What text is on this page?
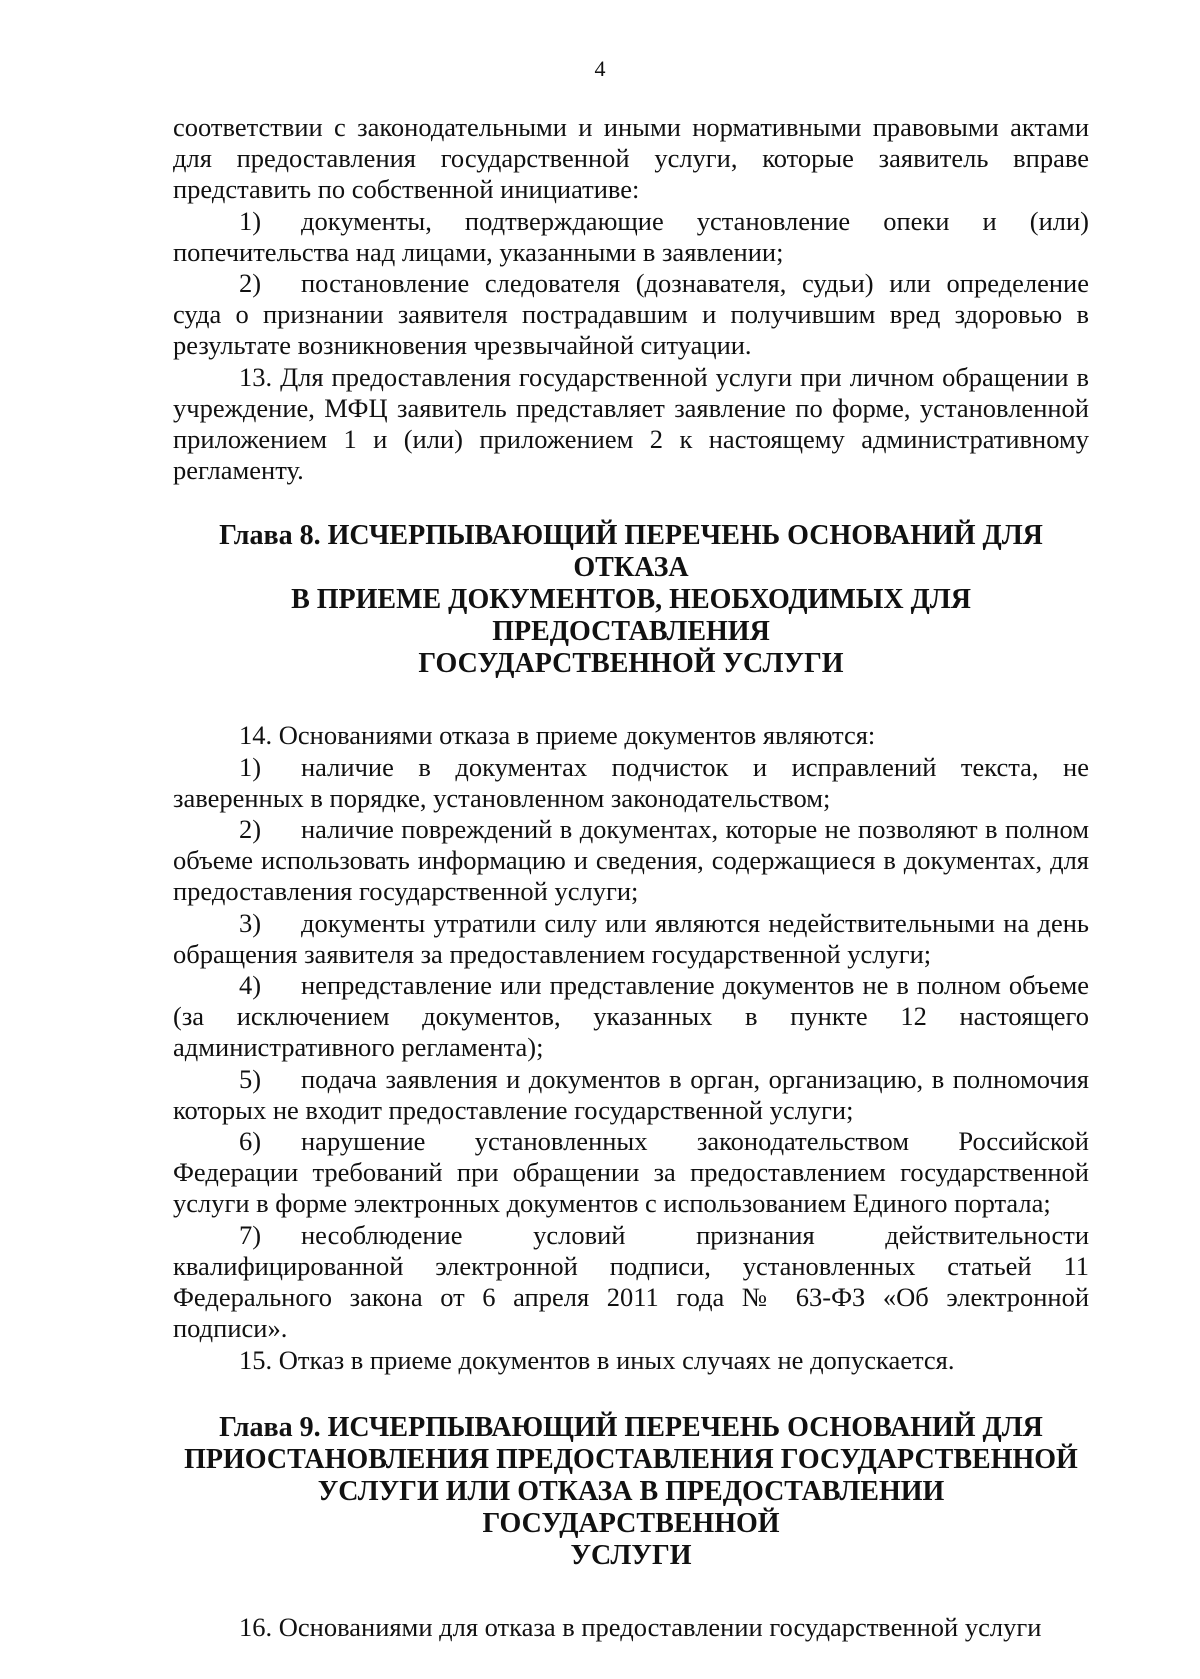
4

соответствии с законодательными и иными нормативными правовыми актами для предоставления государственной услуги, которые заявитель вправе представить по собственной инициативе:

1) документы, подтверждающие установление опеки и (или) попечительства над лицами, указанными в заявлении;

2) постановление следователя (дознавателя, судьи) или определение суда о признании заявителя пострадавшим и получившим вред здоровью в результате возникновения чрезвычайной ситуации.

13. Для предоставления государственной услуги при личном обращении в учреждение, МФЦ заявитель представляет заявление по форме, установленной приложением 1 и (или) приложением 2 к настоящему административному регламенту.

Глава 8. ИСЧЕРПЫВАЮЩИЙ ПЕРЕЧЕНЬ ОСНОВАНИЙ ДЛЯ ОТКАЗА
В ПРИЕМЕ ДОКУМЕНТОВ, НЕОБХОДИМЫХ ДЛЯ ПРЕДОСТАВЛЕНИЯ
ГОСУДАРСТВЕННОЙ УСЛУГИ

14. Основаниями отказа в приеме документов являются:

1) наличие в документах подчисток и исправлений текста, не заверенных в порядке, установленном законодательством;

2) наличие повреждений в документах, которые не позволяют в полном объеме использовать информацию и сведения, содержащиеся в документах, для предоставления государственной услуги;

3) документы утратили силу или являются недействительными на день обращения заявителя за предоставлением государственной услуги;

4) непредставление или представление документов не в полном объеме (за исключением документов, указанных в пункте 12 настоящего административного регламента);

5) подача заявления и документов в орган, организацию, в полномочия которых не входит предоставление государственной услуги;

6) нарушение установленных законодательством Российской Федерации требований при обращении за предоставлением государственной услуги в форме электронных документов с использованием Единого портала;

7) несоблюдение условий признания действительности квалифицированной электронной подписи, установленных статьей 11 Федерального закона от 6 апреля 2011 года № 63-ФЗ «Об электронной подписи».

15. Отказ в приеме документов в иных случаях не допускается.

Глава 9. ИСЧЕРПЫВАЮЩИЙ ПЕРЕЧЕНЬ ОСНОВАНИЙ ДЛЯ
ПРИОСТАНОВЛЕНИЯ ПРЕДОСТАВЛЕНИЯ ГОСУДАРСТВЕННОЙ
УСЛУГИ ИЛИ ОТКАЗА В ПРЕДОСТАВЛЕНИИ ГОСУДАРСТВЕННОЙ
УСЛУГИ

16. Основаниями для отказа в предоставлении государственной услуги
